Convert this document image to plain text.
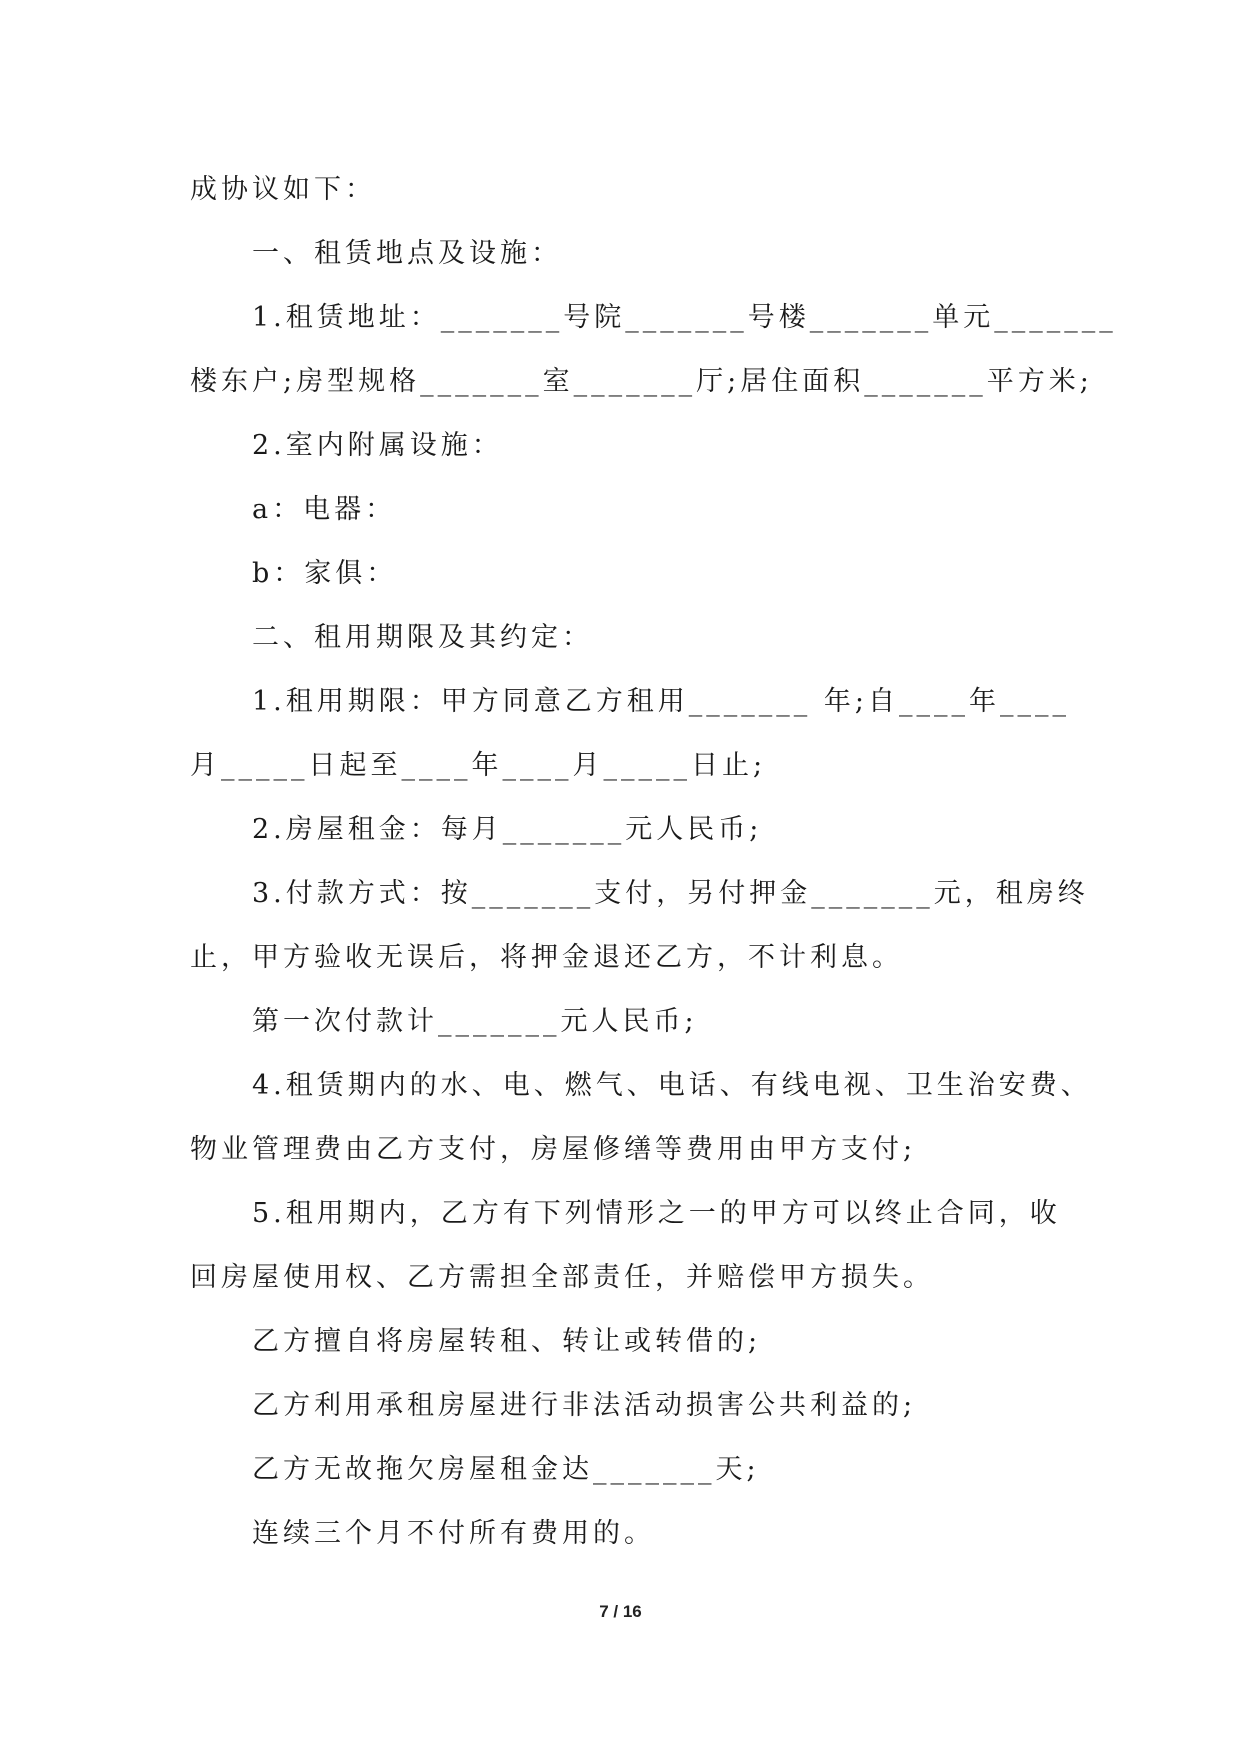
成协议如下：
一、租赁地点及设施：
1.租赁地址：_______号院_______号楼_______单元_______
楼东户;房型规格_______室_______厅;居住面积_______平方米;
2.室内附属设施：
a：电器：
b：家俱：
二、租用期限及其约定：
1.租用期限：甲方同意乙方租用_______ 年;自____年____
月_____日起至____年____月_____日止;
2.房屋租金：每月_______元人民币;
3.付款方式：按_______支付，另付押金_______元，租房终
止，甲方验收无误后，将押金退还乙方，不计利息。
第一次付款计_______元人民币;
4.租赁期内的水、电、燃气、电话、有线电视、卫生治安费、
物业管理费由乙方支付，房屋修缮等费用由甲方支付;
5.租用期内，乙方有下列情形之一的甲方可以终止合同，收
回房屋使用权、乙方需担全部责任，并赔偿甲方损失。
乙方擅自将房屋转租、转让或转借的;
乙方利用承租房屋进行非法活动损害公共利益的;
乙方无故拖欠房屋租金达_______天;
连续三个月不付所有费用的。
7 / 16
